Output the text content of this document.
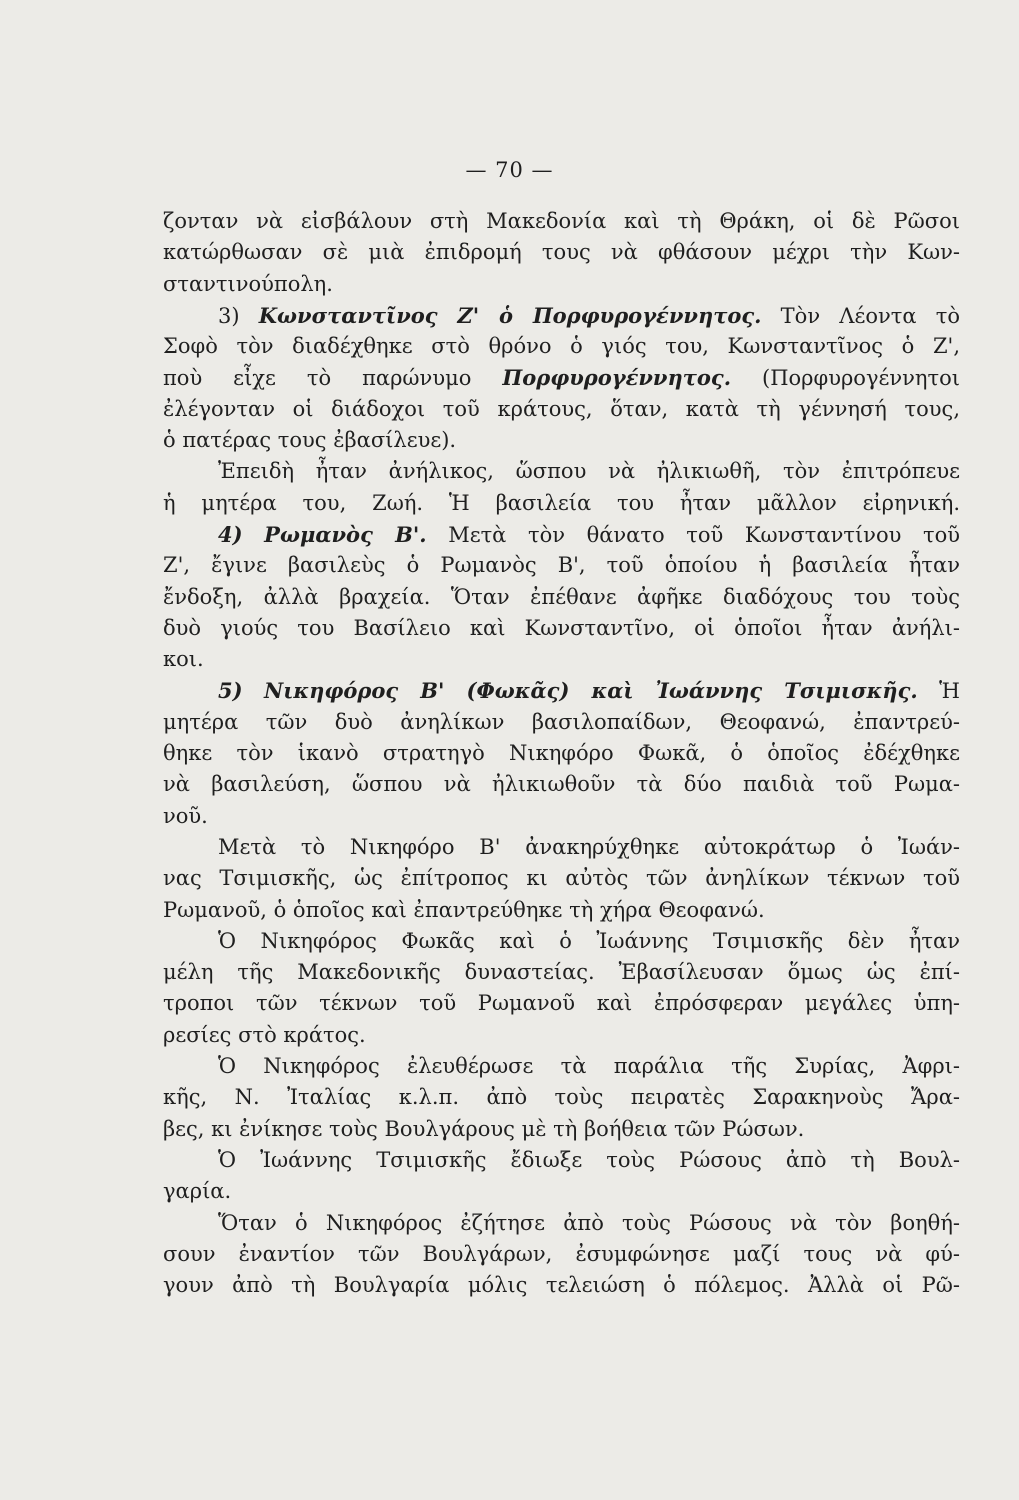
— 70 —
ζονταν νὰ εἰσβάλουν στὴ Μακεδονία καὶ τὴ Θράκη, οἱ δὲ Ρῶσοι
κατώρθωσαν σὲ μιὰ ἐπιδρομή τους νὰ φθάσουν μέχρι τὴν Κων-
σταντινούπολη.
3) Κωνσταντῖνος Ζ' ὁ Πορφυρογέννητος. Τὸν Λέοντα τὸ
Σοφὸ τὸν διαδέχθηκε στὸ θρόνο ὁ γιός του, Κωνσταντῖνος ὁ Ζ',
ποὺ εἶχε τὸ παρώνυμο Πορφυρογέννητος. (Πορφυρογέννητοι
ἐλέγονταν οἱ διάδοχοι τοῦ κράτους, ὅταν, κατὰ τὴ γέννησή τους,
ὁ πατέρας τους ἐβασίλευε).
Ἐπειδὴ ἦταν ἀνήλικος, ὥσπου νὰ ἠλικιωθῆ, τὸν ἐπιτρόπευε
ἡ μητέρα του, Ζωή. Ἡ βασιλεία του ἦταν μᾶλλον εἰρηνική.
4) Ρωμανὸς Β'. Μετὰ τὸν θάνατο τοῦ Κωνσταντίνου τοῦ
Ζ', ἔγινε βασιλεὺς ὁ Ρωμανὸς Β', τοῦ ὁποίου ἡ βασιλεία ἦταν
ἔνδοξη, ἀλλὰ βραχεία. Ὅταν ἐπέθανε ἀφῆκε διαδόχους του τοὺς
δυὸ γιούς του Βασίλειο καὶ Κωνσταντῖνο, οἱ ὁποῖοι ἦταν ἀνήλι-
κοι.
5) Νικηφόρος Β' (Φωκᾶς) καὶ Ἰωάννης Τσιμισκῆς. Ἡ
μητέρα τῶν δυὸ ἀνηλίκων βασιλοπαίδων, Θεοφανώ, ἐπαντρεύ-
θηκε τὸν ἱκανὸ στρατηγὸ Νικηφόρο Φωκᾶ, ὁ ὁποῖος ἐδέχθηκε
νὰ βασιλεύση, ὥσπου νὰ ἠλικιωθοῦν τὰ δύο παιδιὰ τοῦ Ρωμα-
νοῦ.
Μετὰ τὸ Νικηφόρο Β' ἀνακηρύχθηκε αὐτοκράτωρ ὁ Ἰωάν-
νας Τσιμισκῆς, ὡς ἐπίτροπος κι αὐτὸς τῶν ἀνηλίκων τέκνων τοῦ
Ρωμανοῦ, ὁ ὁποῖος καὶ ἐπαντρεύθηκε τὴ χήρα Θεοφανώ.
Ὁ Νικηφόρος Φωκᾶς καὶ ὁ Ἰωάννης Τσιμισκῆς δὲν ἦταν
μέλη τῆς Μακεδονικῆς δυναστείας. Ἐβασίλευσαν ὅμως ὡς ἐπί-
τροποι τῶν τέκνων τοῦ Ρωμανοῦ καὶ ἐπρόσφεραν μεγάλες ὑπη-
ρεσίες στὸ κράτος.
Ὁ Νικηφόρος ἐλευθέρωσε τὰ παράλια τῆς Συρίας, Ἀφρι-
κῆς, Ν. Ἰταλίας κ.λ.π. ἀπὸ τοὺς πειρατὲς Σαρακηνοὺς Ἄρα-
βες, κι ἐνίκησε τοὺς Βουλγάρους μὲ τὴ βοήθεια τῶν Ρώσων.
Ὁ Ἰωάννης Τσιμισκῆς ἔδιωξε τοὺς Ρώσους ἀπὸ τὴ Βουλ-
γαρία.
Ὅταν ὁ Νικηφόρος ἐζήτησε ἀπὸ τοὺς Ρώσους νὰ τὸν βοηθή-
σουν ἐναντίον τῶν Βουλγάρων, ἐσυμφώνησε μαζί τους νὰ φύ-
γουν ἀπὸ τὴ Βουλγαρία μόλις τελειώση ὁ πόλεμος. Ἀλλὰ οἱ Ρῶ-
